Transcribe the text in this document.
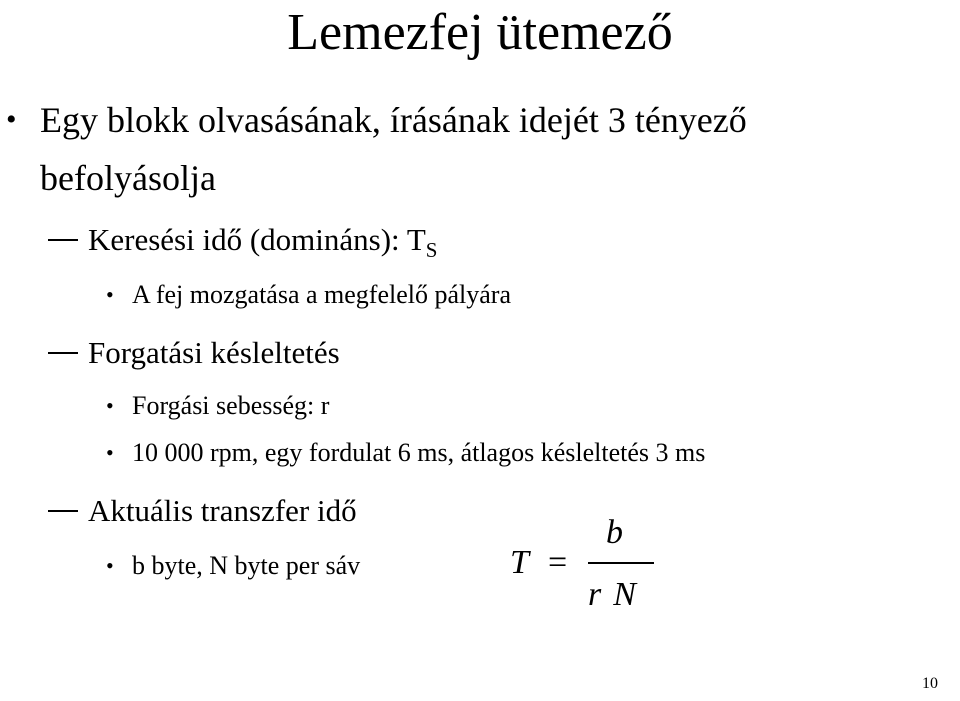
Lemezfej ütemező
• Egy blokk olvasásának, írásának idejét 3 tényező
befolyásolja
Keresési idő (domináns): $T_S$
• A fej mozgatása a megfelelő pályára
Forgatási késleltetés
• Forgási sebesség: r
• 10 000 rpm, egy fordulat 6 ms, átlagos késleltetés 3 ms
Aktuális transzfer idő
• b byte, N byte per sáv	T =
b
r N
10
